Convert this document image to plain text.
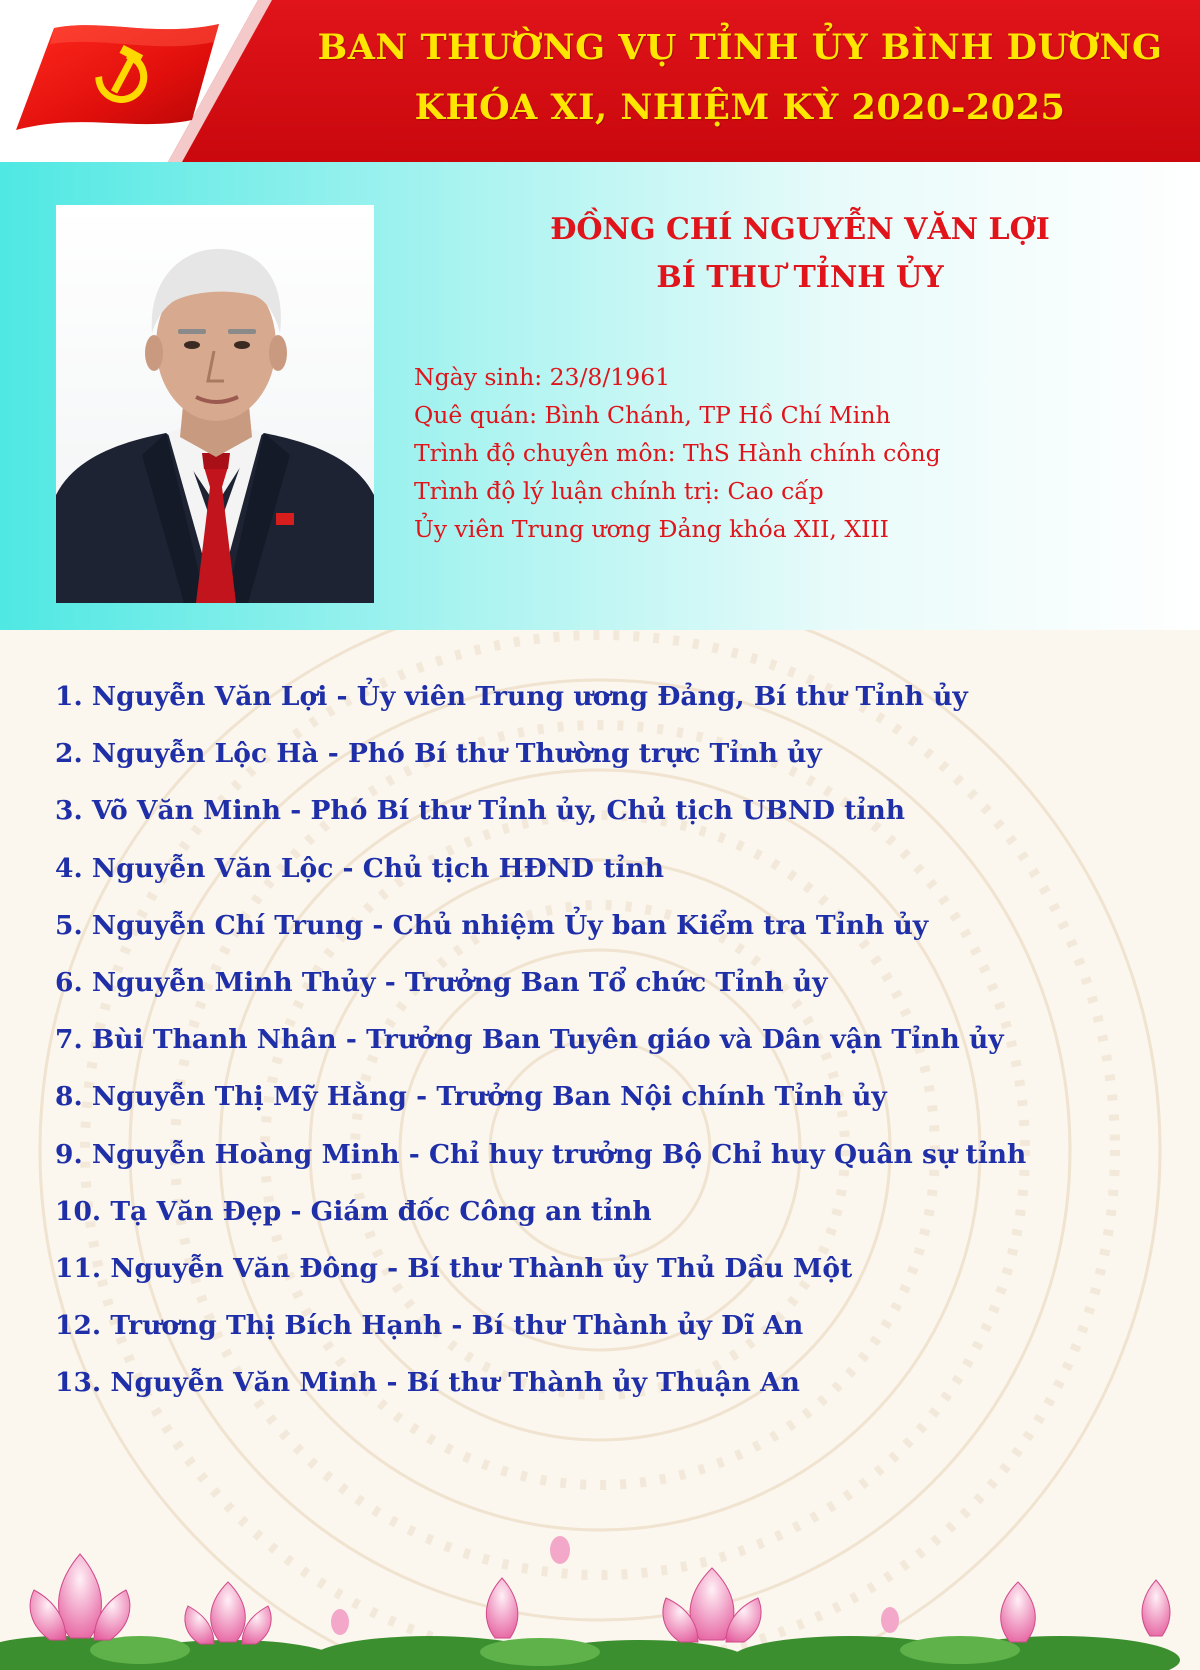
BAN THƯỜNG VỤ TỈNH ỦY BÌNH DƯƠNG
KHÓA XI, NHIỆM KỲ 2020-2025
ĐỒNG CHÍ NGUYỄN VĂN LỢI
BÍ THƯ TỈNH ỦY
Ngày sinh: 23/8/1961
Quê quán: Bình Chánh, TP Hồ Chí Minh
Trình độ chuyên môn: ThS Hành chính công
Trình độ lý luận chính trị: Cao cấp
Ủy viên Trung ương Đảng khóa XII, XIII
1. Nguyễn Văn Lợi - Ủy viên Trung ương Đảng, Bí thư Tỉnh ủy
2. Nguyễn Lộc Hà - Phó Bí thư Thường trực Tỉnh ủy
3. Võ Văn Minh - Phó Bí thư Tỉnh ủy, Chủ tịch UBND tỉnh
4. Nguyễn Văn Lộc - Chủ tịch HĐND tỉnh
5. Nguyễn Chí Trung - Chủ nhiệm Ủy ban Kiểm tra Tỉnh ủy
6. Nguyễn Minh Thủy - Trưởng Ban Tổ chức Tỉnh ủy
7. Bùi Thanh Nhân - Trưởng Ban Tuyên giáo và Dân vận Tỉnh ủy
8. Nguyễn Thị Mỹ Hằng - Trưởng Ban Nội chính Tỉnh ủy
9. Nguyễn Hoàng Minh - Chỉ huy trưởng Bộ Chỉ huy Quân sự tỉnh
10. Tạ Văn Đẹp - Giám đốc Công an tỉnh
11. Nguyễn Văn Đông - Bí thư Thành ủy Thủ Dầu Một
12. Trương Thị Bích Hạnh - Bí thư Thành ủy Dĩ An
13. Nguyễn Văn Minh - Bí thư Thành ủy Thuận An
